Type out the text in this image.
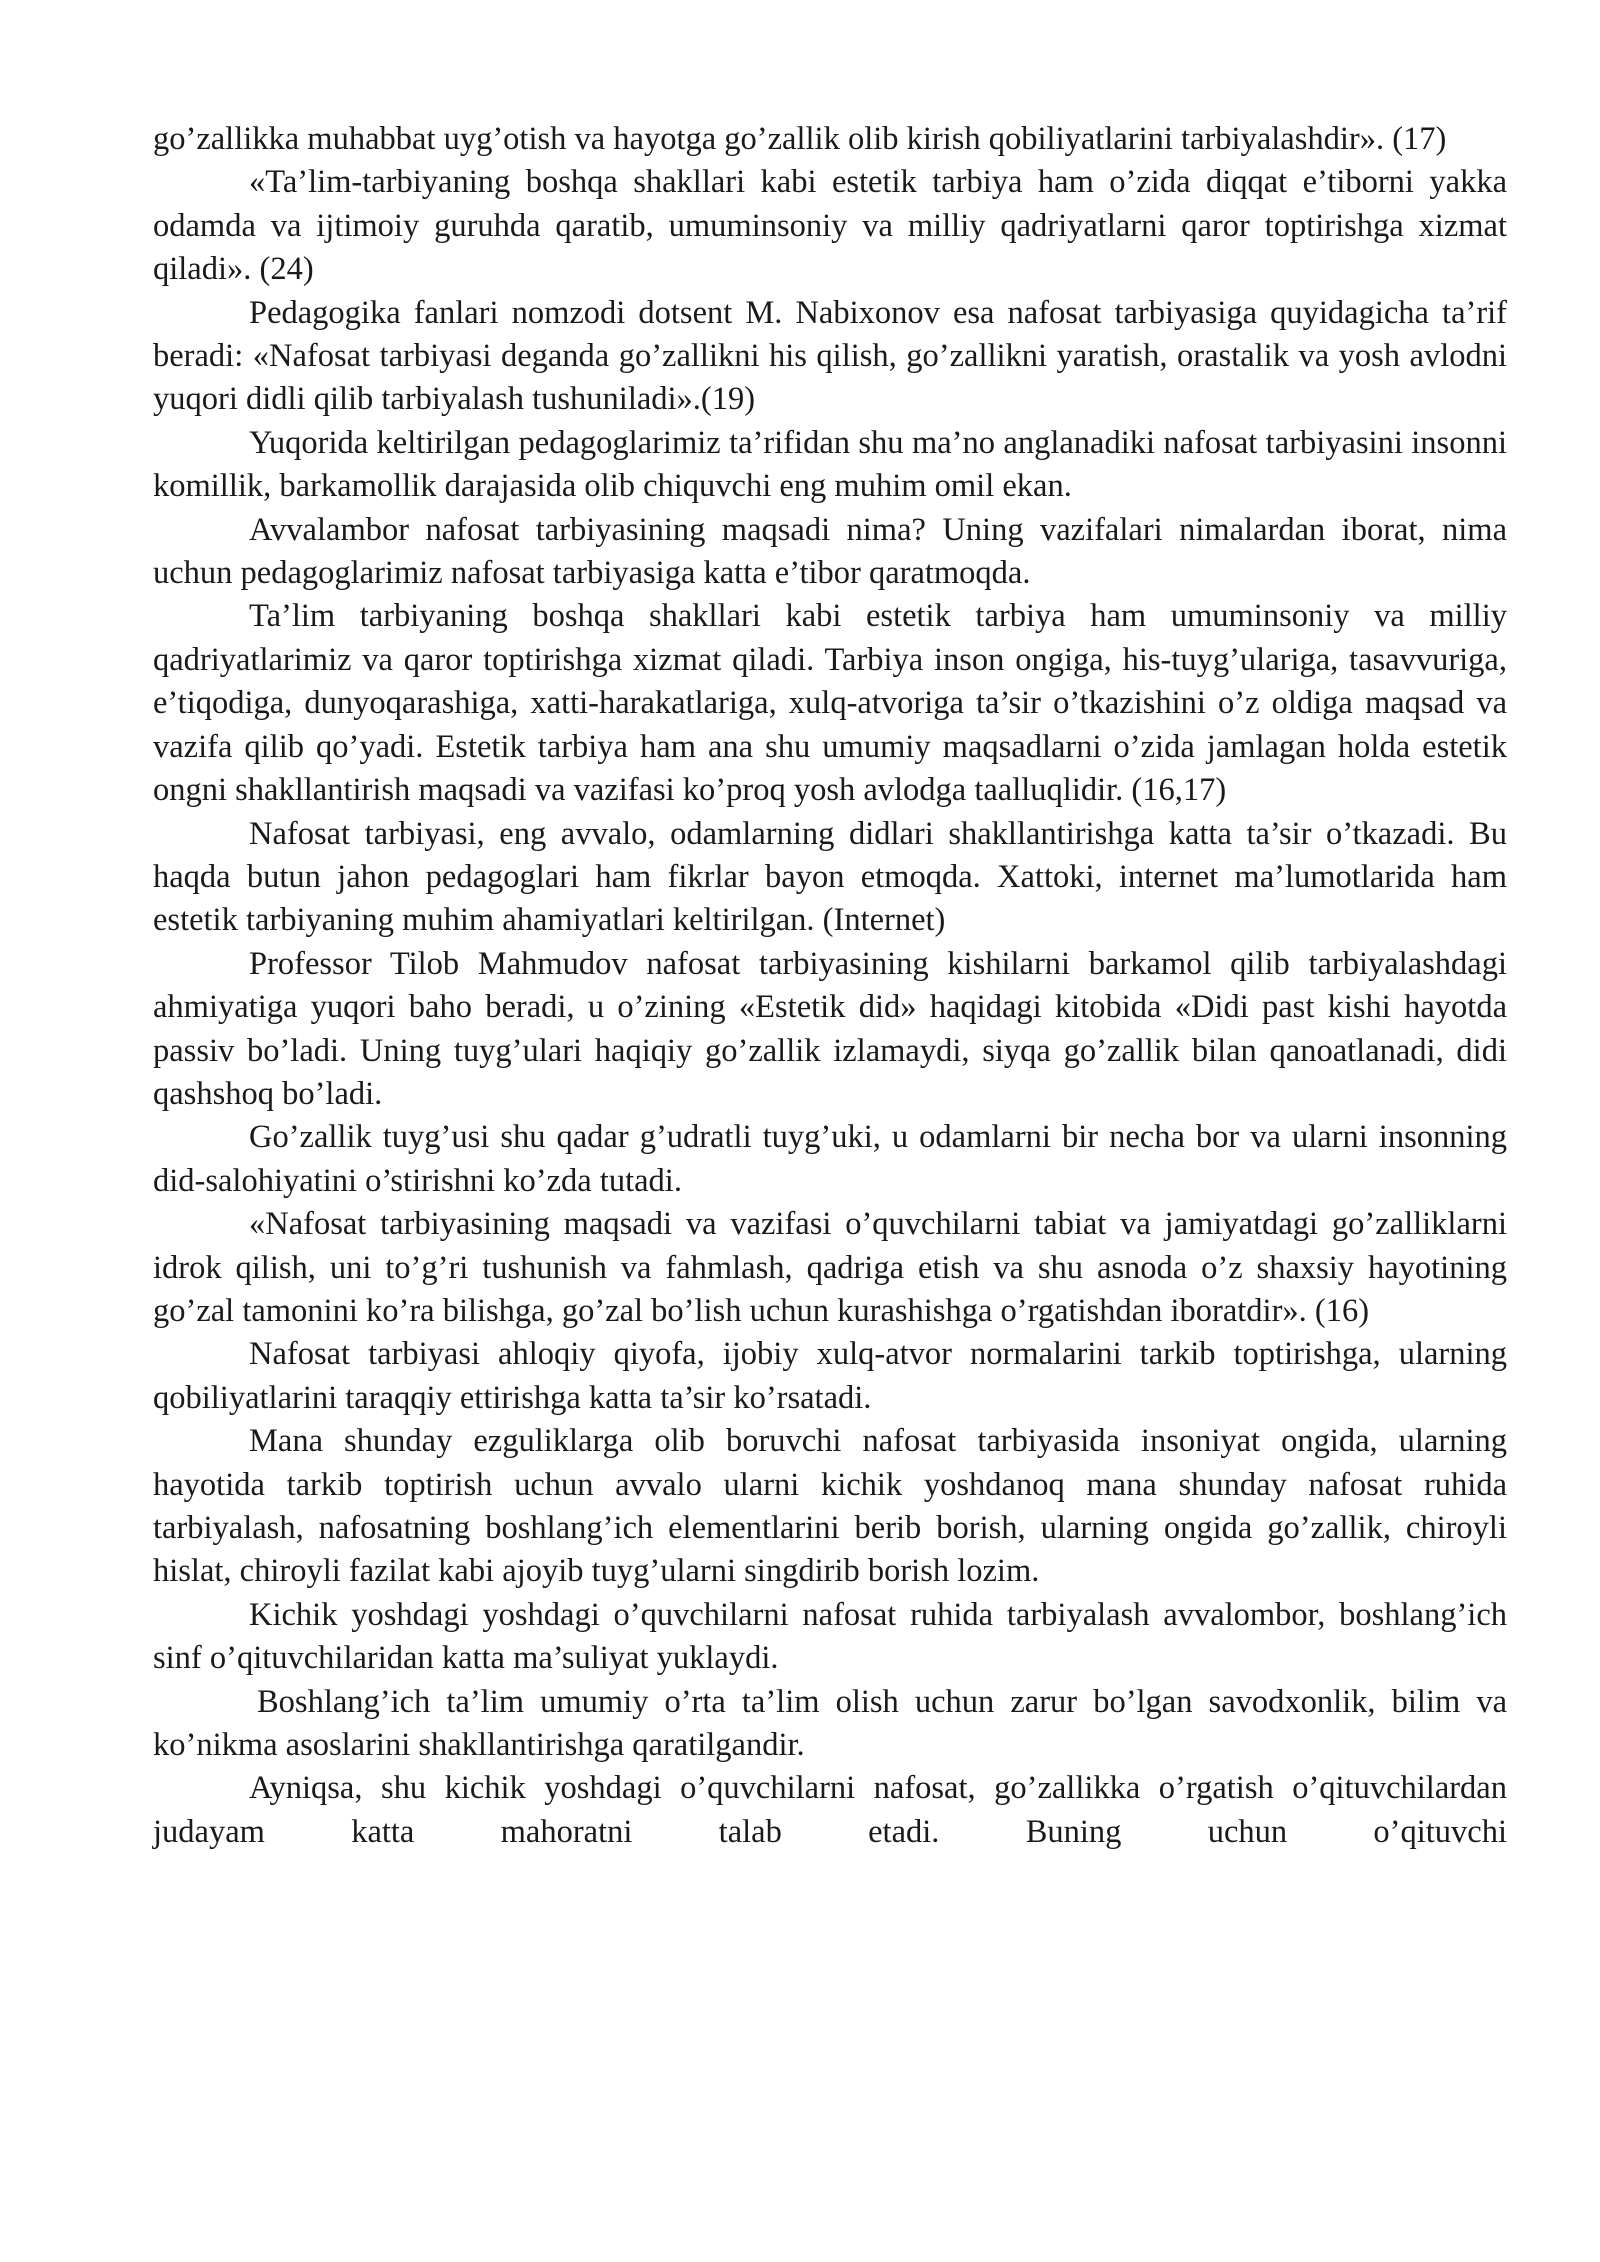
go’zallikka muhabbat uyg’otish va hayotga go’zallik olib kirish qobiliyatlarini tarbiyalashdir». (17)

«Ta’lim-tarbiyaning boshqa shakllari kabi estetik tarbiya ham o’zida diqqat e’tiborni yakka odamda va ijtimoiy guruhda qaratib, umuminsoniy va milliy qadriyatlarni qaror toptirishga xizmat qiladi». (24)

Pedagogika fanlari nomzodi dotsent M. Nabixonov esa nafosat tarbiyasiga quyidagicha ta’rif beradi: «Nafosat tarbiyasi deganda go’zallikni his qilish, go’zallikni yaratish, orastalik va yosh avlodni yuqori didli qilib tarbiyalash tushuniladi».(19)

Yuqorida keltirilgan pedagoglarimiz ta’rifidan shu ma’no anglanadiki nafosat tarbiyasini insonni komillik, barkamollik darajasida olib chiquvchi eng muhim omil ekan.

Avvalambor nafosat tarbiyasining maqsadi nima? Uning vazifalari nimalardan iborat, nima uchun pedagoglarimiz nafosat tarbiyasiga katta e’tibor qaratmoqda.

Ta’lim tarbiyaning boshqa shakllari kabi estetik tarbiya ham umuminsoniy va milliy qadriyatlarimiz va qaror toptirishga xizmat qiladi. Tarbiya inson ongiga, his-tuyg’ulariga, tasavvuriga, e’tiqodiga, dunyoqarashiga, xatti-harakatlariga, xulq-atvoriga ta’sir o’tkazishini o’z oldiga maqsad va vazifa qilib qo’yadi. Estetik tarbiya ham ana shu umumiy maqsadlarni o’zida jamlagan holda estetik ongni shakllantirish maqsadi va vazifasi ko’proq yosh avlodga taalluqlidir. (16,17)

Nafosat tarbiyasi, eng avvalo, odamlarning didlari shakllantirishga katta ta’sir o’tkazadi. Bu haqda butun jahon pedagoglari ham fikrlar bayon etmoqda. Xattoki, internet ma’lumotlarida ham estetik tarbiyaning muhim ahamiyatlari keltirilgan. (Internet)

Professor Tilob Mahmudov nafosat tarbiyasining kishilarni barkamol qilib tarbiyalashdagi ahmiyatiga yuqori baho beradi, u o’zining «Estetik did» haqidagi kitobida «Didi past kishi hayotda passiv bo’ladi. Uning tuyg’ulari haqiqiy go’zallik izlamaydi, siyqa go’zallik bilan qanoatlanadi, didi qashshoq bo’ladi.

Go’zallik tuyg’usi shu qadar g’udratli tuyg’uki, u odamlarni bir necha bor va ularni insonning did-salohiyatini o’stirishni ko’zda tutadi.

«Nafosat tarbiyasining maqsadi va vazifasi o’quvchilarni tabiat va jamiyatdagi go’zalliklarni idrok qilish, uni to’g’ri tushunish va fahmlash, qadriga etish va shu asnoda o’z shaxsiy hayotining go’zal tamonini ko’ra bilishga, go’zal bo’lish uchun kurashishga o’rgatishdan iboratdir». (16)

Nafosat tarbiyasi ahloqiy qiyofa, ijobiy xulq-atvor normalarini tarkib toptirishga, ularning qobiliyatlarini taraqqiy ettirishga katta ta’sir ko’rsatadi.

Mana shunday ezguliklarga olib boruvchi nafosat tarbiyasida insoniyat ongida, ularning hayotida tarkib toptirish uchun avvalo ularni kichik yoshdanoq mana shunday nafosat ruhida tarbiyalash, nafosatning boshlang’ich elementlarini berib borish, ularning ongida go’zallik, chiroyli hislat, chiroyli fazilat kabi ajoyib tuyg’ularni singdirib borish lozim.

Kichik yoshdagi yoshdagi o’quvchilarni nafosat ruhida tarbiyalash avvalombor, boshlang’ich sinf o’qituvchilaridan katta ma’suliyat yuklaydi.

Boshlang’ich ta’lim umumiy o’rta ta’lim olish uchun zarur bo’lgan savodxonlik, bilim va ko’nikma asoslarini shakllantirishga qaratilgandir.

Ayniqsa, shu kichik yoshdagi o’quvchilarni nafosat, go’zallikka o’rgatish o’qituvchilardan judayam katta mahoratni talab etadi. Buning uchun o’qituvchi
